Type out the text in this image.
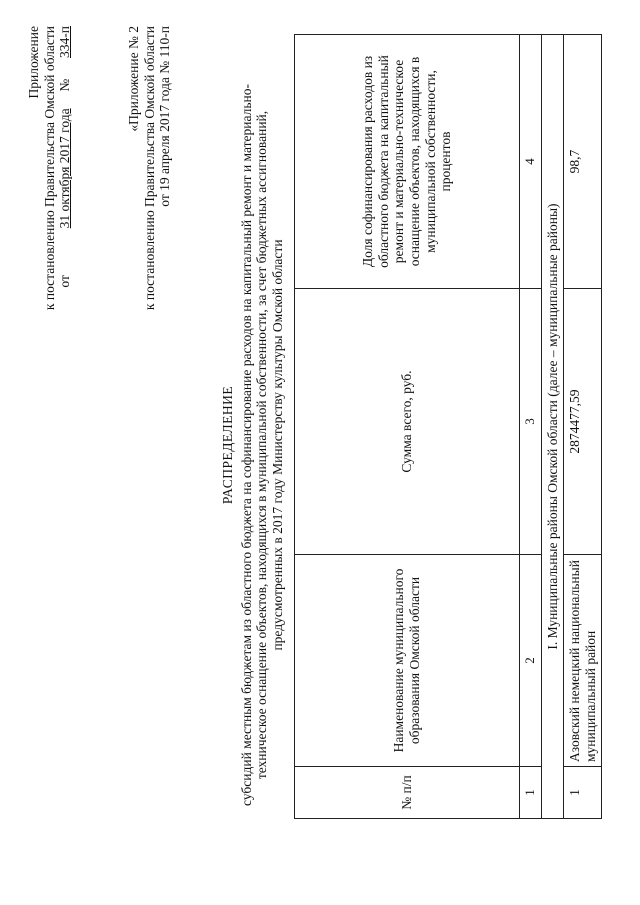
Приложение к постановлению Правительства Омской области от  31 октября 2017 года  №  334-п	«Приложение № 2 к постановлению Правительства Омской области от 19 апреля 2017 года № 110-п
РАСПРЕДЕЛЕНИЕ субсидий местным бюджетам из областного бюджета на софинансирование расходов на капитальный ремонт и материально- техническое оснащение объектов, находящихся в муниципальной собственности, за счет бюджетных ассигнований, предусмотренных в 2017 году Министерству культуры Омской области
№ п/п	Наименование муниципального образования Омской области	Сумма всего, руб.	Доля софинансирования расходов из областного бюджета на капитальный ремонт и материально-техническое оснащение объектов, находящихся в муниципальной собственности, процентов
1	2	3	4
I. Муниципальные районы Омской области (далее – муниципальные районы)			
1	Азовский немецкий национальный муниципальный район	2874477,59	98,7
